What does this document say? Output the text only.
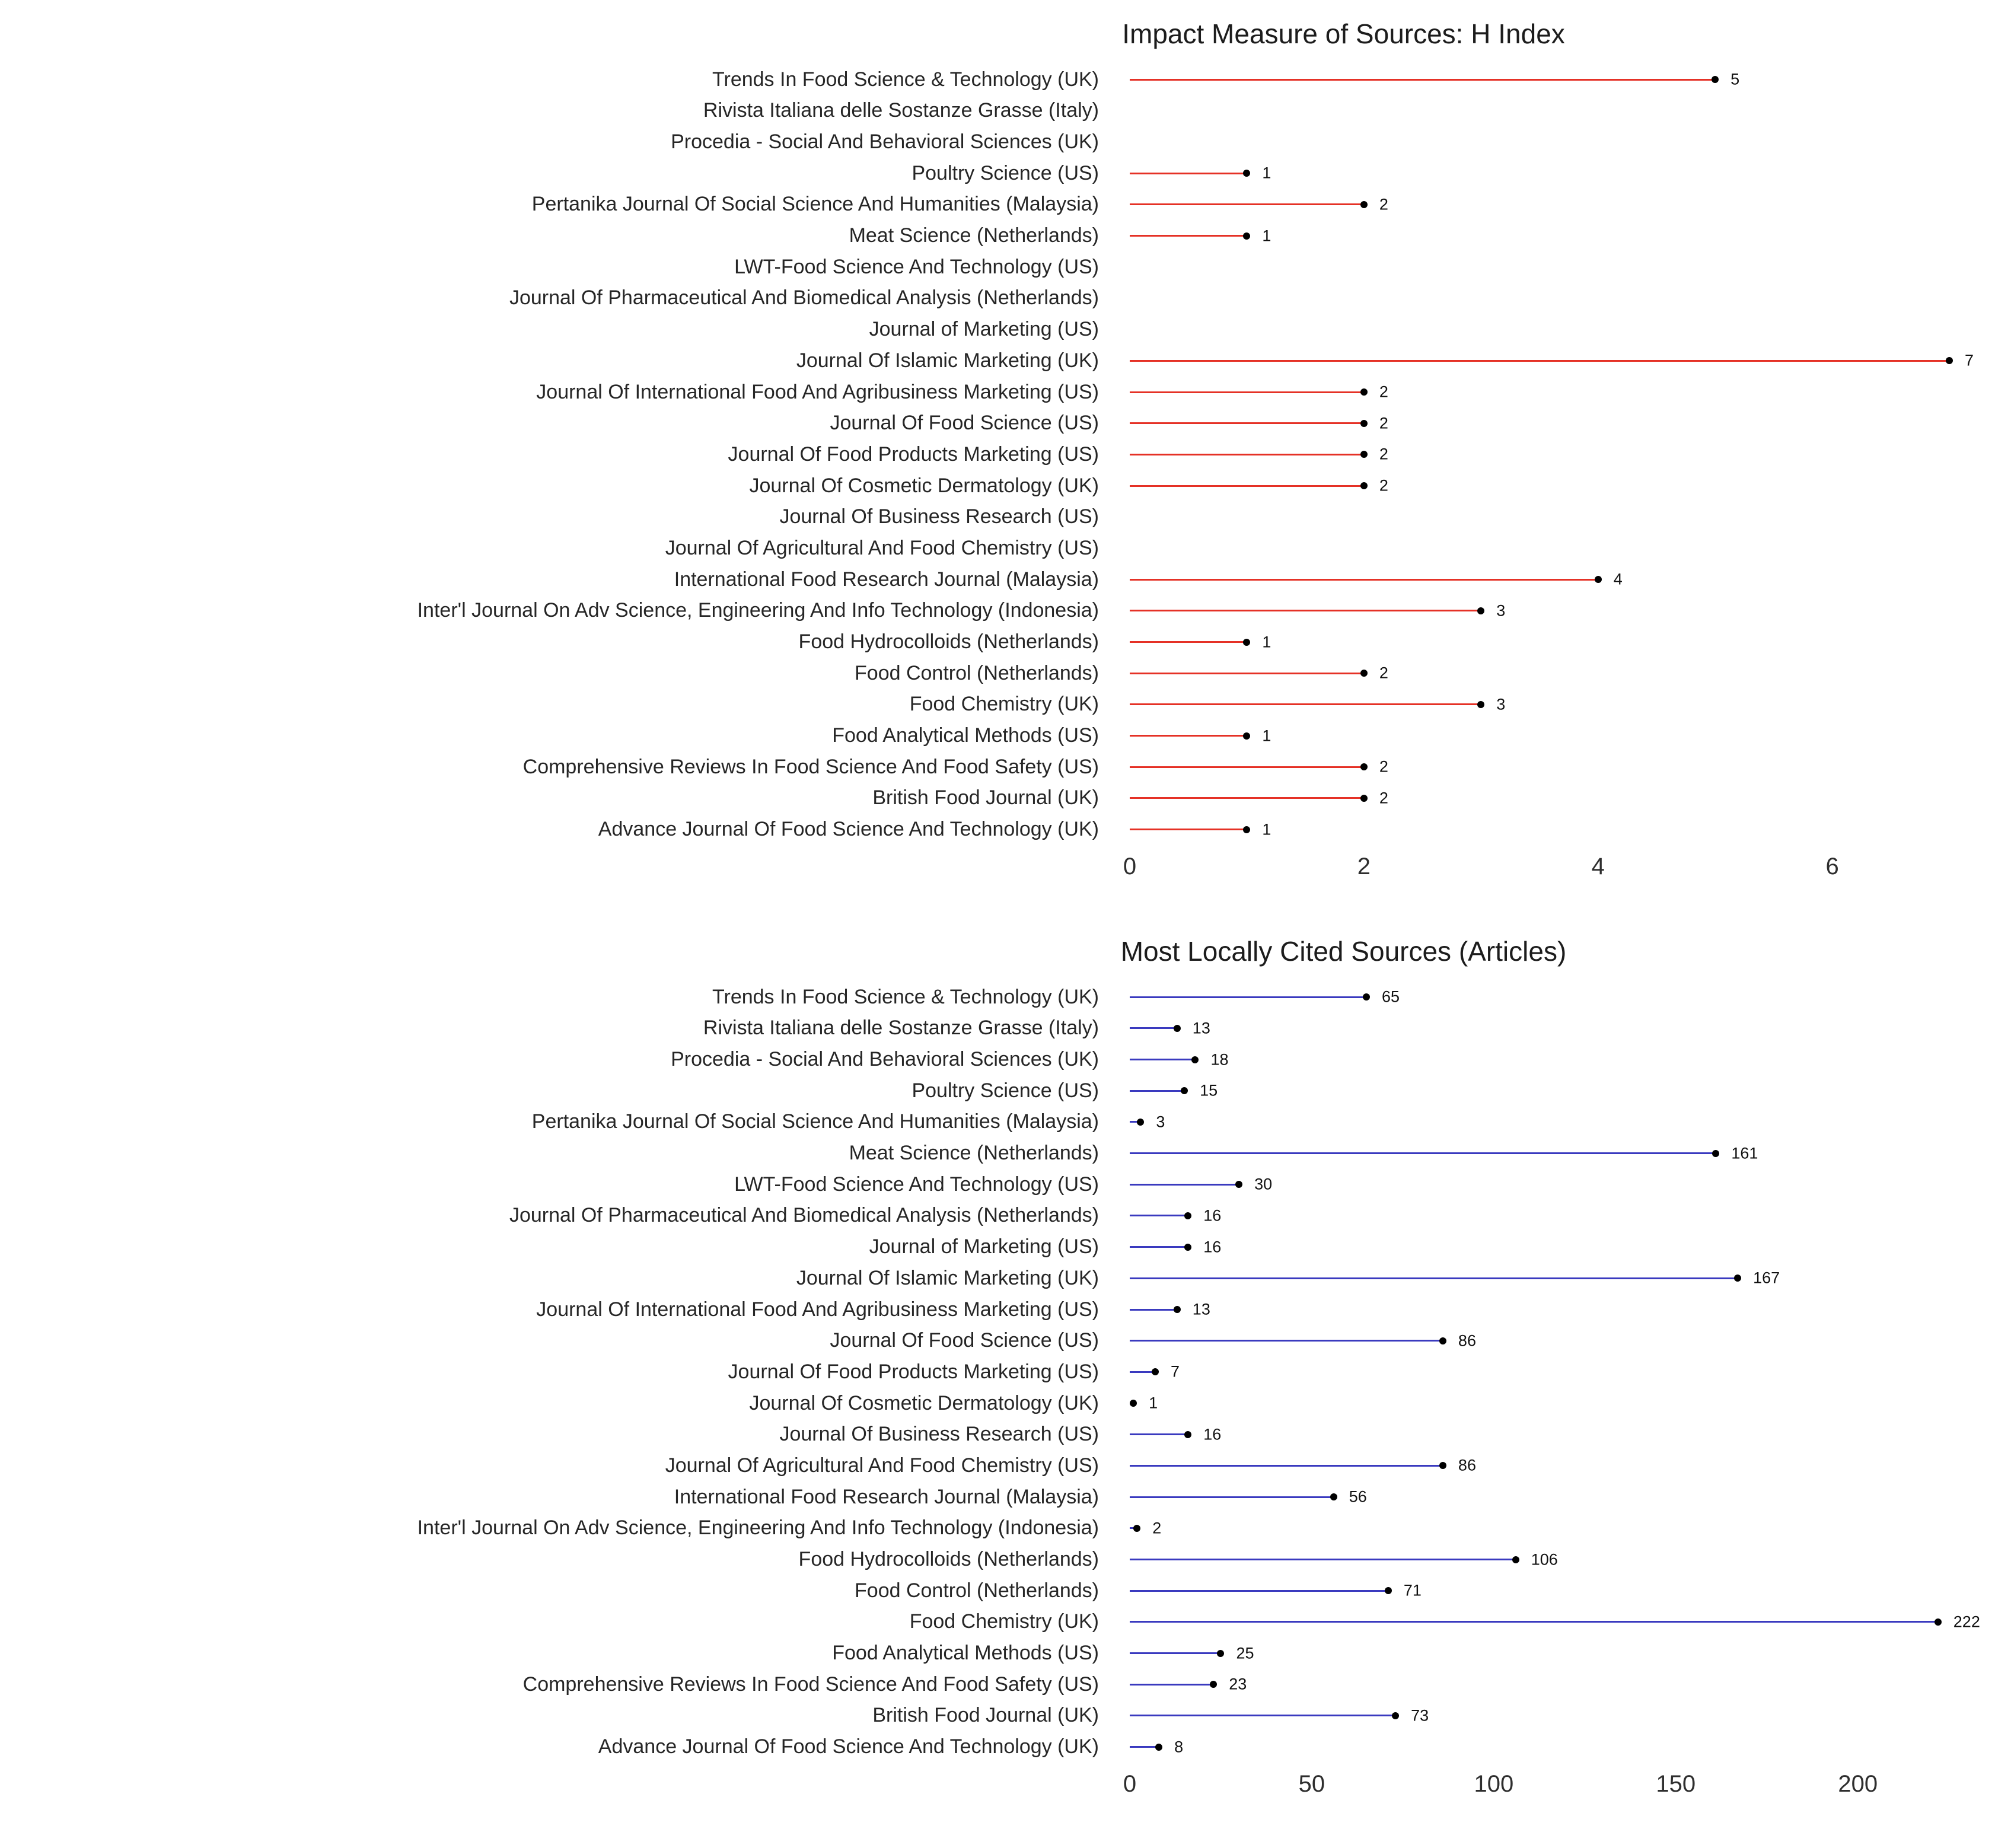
Impact Measure of Sources: H Index
Trends In Food Science & Technology (UK)	5
Rivista Italiana delle Sostanze Grasse (Italy)
Procedia - Social And Behavioral Sciences (UK)
Poultry Science (US)	1
Pertanika Journal Of Social Science And Humanities (Malaysia)	2
Meat Science (Netherlands)	1
LWT-Food Science And Technology (US)
Journal Of Pharmaceutical And Biomedical Analysis (Netherlands)
Journal of Marketing (US)
Journal Of Islamic Marketing (UK)	7
Journal Of International Food And Agribusiness Marketing (US)	2
Journal Of Food Science (US)	2
Journal Of Food Products Marketing (US)	2
Journal Of Cosmetic Dermatology (UK)	2
Journal Of Business Research (US)
Journal Of Agricultural And Food Chemistry (US)
International Food Research Journal (Malaysia)	4
Inter'l Journal On Adv Science, Engineering And Info Technology (Indonesia)	3
Food Hydrocolloids (Netherlands)	1
Food Control (Netherlands)	2
Food Chemistry (UK)	3
Food Analytical Methods (US)	1
Comprehensive Reviews In Food Science And Food Safety (US)	2
British Food Journal (UK)	2
Advance Journal Of Food Science And Technology (UK)	1
0	2	4	6
Most Locally Cited Sources (Articles)
Trends In Food Science & Technology (UK)	65
Rivista Italiana delle Sostanze Grasse (Italy)	13
Procedia - Social And Behavioral Sciences (UK)	18
Poultry Science (US)	15
Pertanika Journal Of Social Science And Humanities (Malaysia)	3
Meat Science (Netherlands)	161
LWT-Food Science And Technology (US)	30
Journal Of Pharmaceutical And Biomedical Analysis (Netherlands)	16
Journal of Marketing (US)	16
Journal Of Islamic Marketing (UK)	167
Journal Of International Food And Agribusiness Marketing (US)	13
Journal Of Food Science (US)	86
Journal Of Food Products Marketing (US)	7
Journal Of Cosmetic Dermatology (UK)	1
Journal Of Business Research (US)	16
Journal Of Agricultural And Food Chemistry (US)	86
International Food Research Journal (Malaysia)	56
Inter'l Journal On Adv Science, Engineering And Info Technology (Indonesia)	2
Food Hydrocolloids (Netherlands)	106
Food Control (Netherlands)	71
Food Chemistry (UK)	222
Food Analytical Methods (US)	25
Comprehensive Reviews In Food Science And Food Safety (US)	23
British Food Journal (UK)	73
Advance Journal Of Food Science And Technology (UK)	8
0	50	100	150	200
